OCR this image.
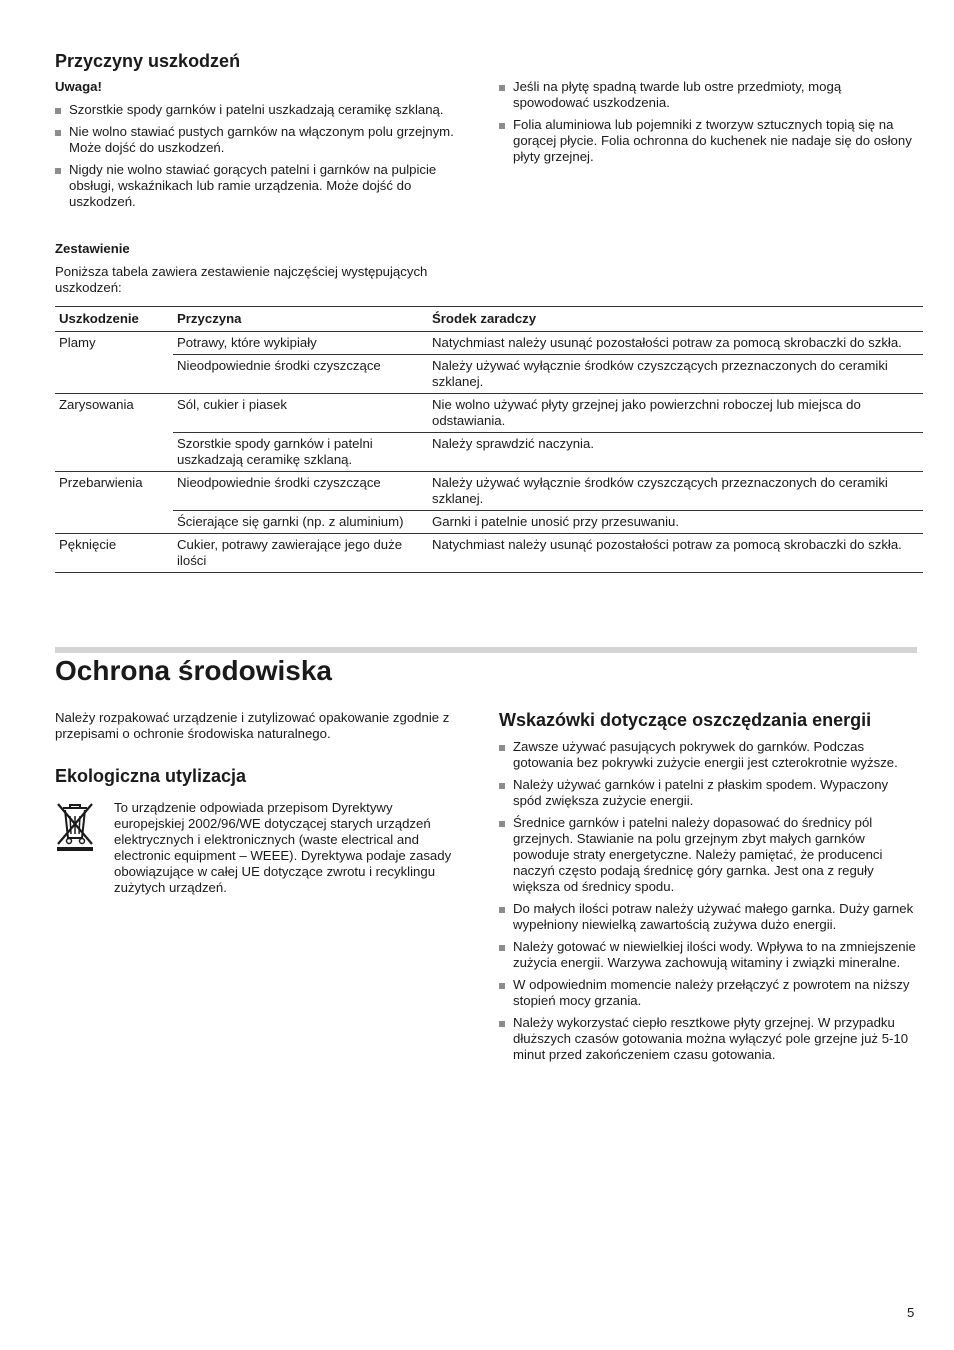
Przyczyny uszkodzeń
Uwaga!
Szorstkie spody garnków i patelni uszkadzają ceramikę szklaną.
Nie wolno stawiać pustych garnków na włączonym polu grzejnym. Może dojść do uszkodzeń.
Nigdy nie wolno stawiać gorących patelni i garnków na pulpicie obsługi, wskaźnikach lub ramie urządzenia. Może dojść do uszkodzeń.
Jeśli na płytę spadną twarde lub ostre przedmioty, mogą spowodować uszkodzenia.
Folia aluminiowa lub pojemniki z tworzyw sztucznych topią się na gorącej płycie. Folia ochronna do kuchenek nie nadaje się do osłony płyty grzejnej.
Zestawienie
Poniższa tabela zawiera zestawienie najczęściej występujących uszkodzeń:
Uszkodzenie	Przyczyna	Środek zaradczy
Plamy	Potrawy, które wykipiały	Natychmiast należy usunąć pozostałości potraw za pomocą skrobaczki do szkła.
	Nieodpowiednie środki czyszczące	Należy używać wyłącznie środków czyszczących przeznaczonych do ceramiki szklanej.
Zarysowania	Sól, cukier i piasek	Nie wolno używać płyty grzejnej jako powierzchni roboczej lub miejsca do odstawiania.
	Szorstkie spody garnków i patelni uszkadzają ceramikę szklaną.	Należy sprawdzić naczynia.
Przebarwienia	Nieodpowiednie środki czyszczące	Należy używać wyłącznie środków czyszczących przeznaczonych do ceramiki szklanej.
	Ścierające się garnki (np. z aluminium)	Garnki i patelnie unosić przy przesuwaniu.
Pęknięcie	Cukier, potrawy zawierające jego duże ilości	Natychmiast należy usunąć pozostałości potraw za pomocą skrobaczki do szkła.
Ochrona środowiska
Należy rozpakować urządzenie i zutylizować opakowanie zgodnie z przepisami o ochronie środowiska naturalnego.
Ekologiczna utylizacja
To urządzenie odpowiada przepisom Dyrektywy europejskiej 2002/96/WE dotyczącej starych urządzeń elektrycznych i elektronicznych (waste electrical and electronic equipment – WEEE). Dyrektywa podaje zasady obowiązujące w całej UE dotyczące zwrotu i recyklingu zużytych urządzeń.
Wskazówki dotyczące oszczędzania energii
Zawsze używać pasujących pokrywek do garnków. Podczas gotowania bez pokrywki zużycie energii jest czterokrotnie wyższe.
Należy używać garnków i patelni z płaskim spodem. Wypaczony spód zwiększa zużycie energii.
Średnice garnków i patelni należy dopasować do średnicy pól grzejnych. Stawianie na polu grzejnym zbyt małych garnków powoduje straty energetyczne. Należy pamiętać, że producenci naczyń często podają średnicę góry garnka. Jest ona z reguły większa od średnicy spodu.
Do małych ilości potraw należy używać małego garnka. Duży garnek wypełniony niewielką zawartością zużywa dużo energii.
Należy gotować w niewielkiej ilości wody. Wpływa to na zmniejszenie zużycia energii. Warzywa zachowują witaminy i związki mineralne.
W odpowiednim momencie należy przełączyć z powrotem na niższy stopień mocy grzania.
Należy wykorzystać ciepło resztkowe płyty grzejnej. W przypadku dłuższych czasów gotowania można wyłączyć pole grzejne już 5-10 minut przed zakończeniem czasu gotowania.
5
